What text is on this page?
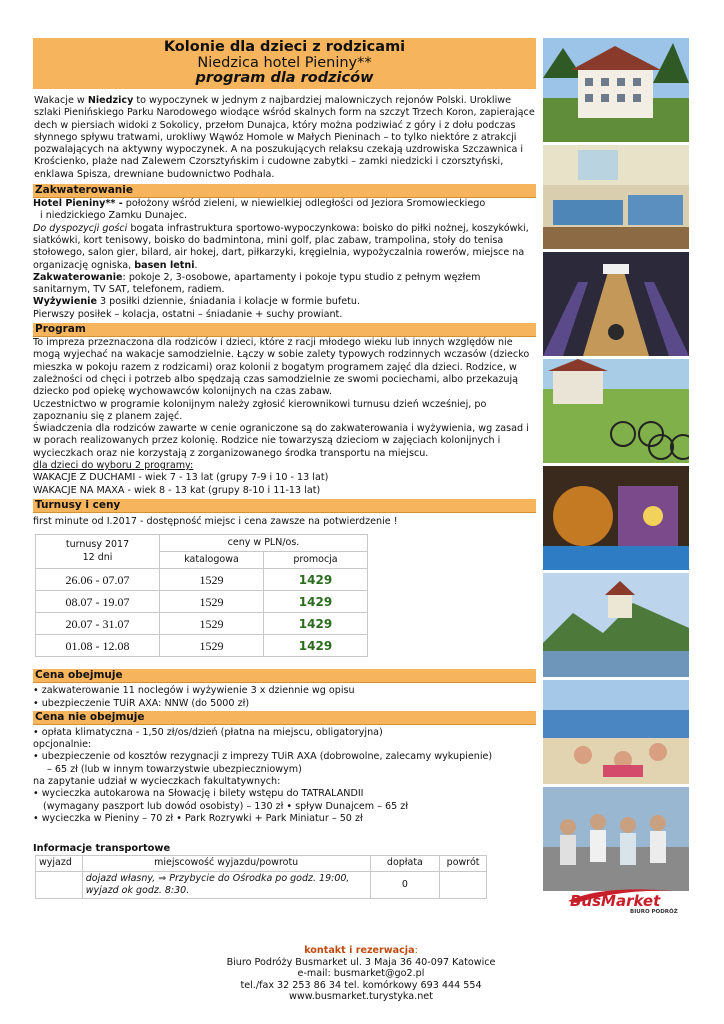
Kolonie dla dzieci z rodzicami
Niedzica hotel Pieniny**
program dla rodziców
Wakacje w Niedzicy to wypoczynek w jednym z najbardziej malowniczych rejonów Polski. Urokliwe szlaki Pienińskiego Parku Narodowego wiodące wśród skalnych form na szczyt Trzech Koron, zapierające dech w piersiach widoki z Sokolicy, przełom Dunajca, który można podziwiać z góry i z dołu podczas słynnego spływu tratwami, urokliwy Wąwóz Homole w Małych Pieninach – to tylko niektóre z atrakcji pozwalających na aktywny wypoczynek. A na poszukujących relaksu czekają uzdrowiska Szczawnica i Krościenko, plaże nad Zalewem Czorsztyńskim i cudowne zabytki – zamki niedzicki i czorsztyński, enklawa Spisza, drewniane budownictwo Podhala.
Zakwaterowanie

Hotel Pieniny** - położony wśród zieleni, w niewielkiej odległości od Jeziora Sromowieckiego

i niedzickiego Zamku Dunajec.

Do dyspozycji gości bogata infrastruktura sportowo-wypoczynkowa: boisko do piłki nożnej, koszykówki, siatkówki, kort tenisowy, boisko do badmintona, mini golf, plac zabaw, trampolina, stoły do tenisa stołowego, salon gier, bilard, air hokej, dart, piłkarzyki, kręgielnia, wypożyczalnia rowerów, miejsce na organizację ogniska, basen letni.

Zakwaterowanie: pokoje 2, 3-osobowe, apartamenty i pokoje typu studio z pełnym węzłem sanitarnym, TV SAT, telefonem, radiem.

Wyżywienie 3 posiłki dziennie, śniadania i kolacje w formie bufetu.

Pierwszy posiłek – kolacja, ostatni – śniadanie + suchy prowiant.

Program

To impreza przeznaczona dla rodziców i dzieci, które z racji młodego wieku lub innych względów nie mogą wyjechać na wakacje samodzielnie. Łączy w sobie zalety typowych rodzinnych wczasów (dziecko mieszka w pokoju razem z rodzicami) oraz kolonii z bogatym programem zajęć dla dzieci. Rodzice, w zależności od chęci i potrzeb albo spędzają czas samodzielnie ze swomi pociechami, albo przekazują dziecko pod opiekę wychowawców kolonijnych na czas zabaw.

Uczestnictwo w programie kolonijnym należy zgłosić kierownikowi turnusu dzień wcześniej, po zapoznaniu się z planem zajęć.

Świadczenia dla rodziców zawarte w cenie ograniczone są do zakwaterowania i wyżywienia, wg zasad i w porach realizowanych przez kolonię. Rodzice nie towarzyszą dzieciom w zajęciach kolonijnych i wycieczkach oraz nie korzystają z zorganizowanego środka transportu na miejscu.

dla dzieci do wyboru 2 programy:

WAKACJE Z DUCHAMI - wiek 7 - 13 lat (grupy 7-9 i 10 - 13 lat)

WAKACJE NA MAXA - wiek 8 - 13 kat (grupy 8-10 i 11-13 lat)

Turnusy i ceny
first minute od I.2017 - dostępność miejsc i cena zawsze na potwierdzenie !
turnusy 2017
12 dni	ceny w PLN/os.	
	katalogowa	promocja
26.06 - 07.07	1529	1429
08.07 - 19.07	1529	1429
20.07 - 31.07	1529	1429
01.08 - 12.08	1529	1429
Cena obejmuje
• zakwaterowanie 11 noclegów i wyżywienie 3 x dziennie wg opisu
• ubezpieczenie TUiR AXA: NNW (do 5000 zł)
Cena nie obejmuje
• opłata klimatyczna - 1,50 zł/os/dzień (płatna na miejscu, obligatoryjna)
opcjonalnie:
• ubezpieczenie od kosztów rezygnacji z imprezy TUiR AXA (dobrowolne, zalecamy wykupienie)
– 65 zł (lub w innym towarzystwie ubezpieczniowym)
na zapytanie udział w wycieczkach fakultatywnych:
• wycieczka autokarowa na Słowację i bilety wstępu do TATRALANDII
(wymagany paszport lub dowód osobisty) – 130 zł • spływ Dunajcem – 65 zł
• wycieczka w Pieniny – 70 zł • Park Rozrywki + Park Miniatur – 50 zł
Informacje transportowe
wyjazd	miejscowość wyjazdu/powrotu	dopłata	powrót

	dojazd własny, ⇒ Przybycie do Ośrodka po godz. 19:00,
wyjazd ok godz. 8:30.	0	
BusMarket
BIURO PODRÓŻY
kontakt i rezerwacja:
Biuro Podróży Busmarket ul. 3 Maja 36 40-097 Katowice
e-mail: busmarket@go2.pl
tel./fax 32 253 86 34 tel. komórkowy 693 444 554
www.busmarket.turystyka.net
